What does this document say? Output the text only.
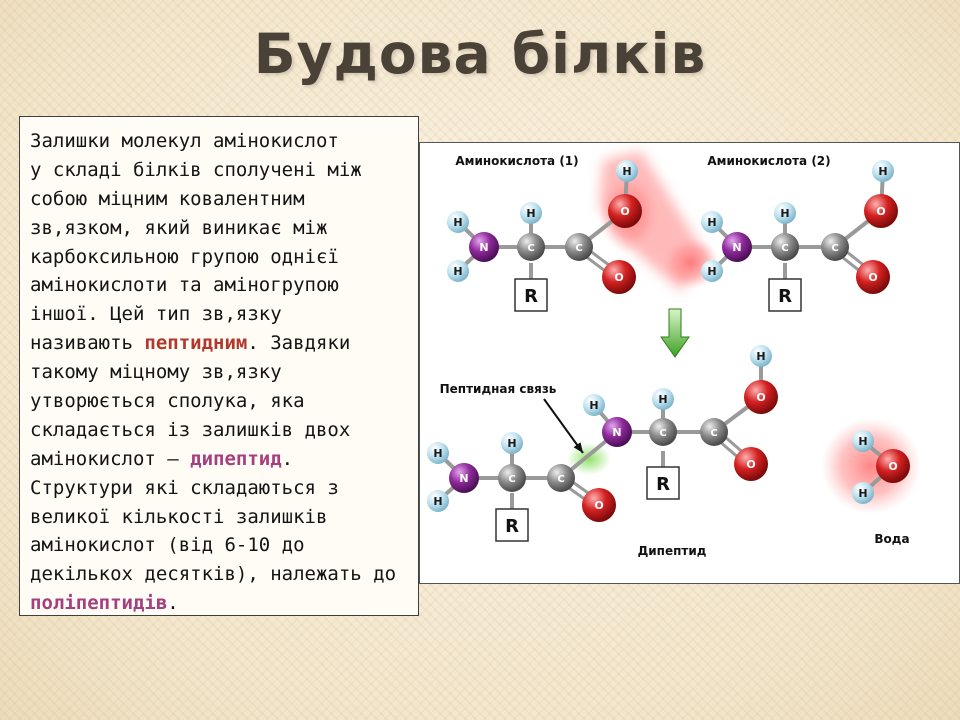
Будова білків
Залишки молекул амінокислот
у складі білків сполучені між
собою міцним ковалентним
зв,язком, який виникає між
карбоксильною групою однієї
амінокислоти та аміногрупою
іншої. Цей тип зв,язку
називають пептидним. Завдяки
такому міцному зв,язку
утворюється сполука, яка
складається із залишків двох
амінокислот – дипептид.
Структури які складаються з
великої кількості залишків
амінокислот (від 6-10 до
декількох десятків), належать до
поліпептидів.
R	R
R
R
H
H
N	C
H
C
O
H
O
H
H
N	C
H
C
O
H
O
H
H
N	C
H
C
O
H
N	C
H
C
O
H
O
H
O
H
Аминокислота (1)	Аминокислота (2)
Пептидная связь
Дипептид
Вода
